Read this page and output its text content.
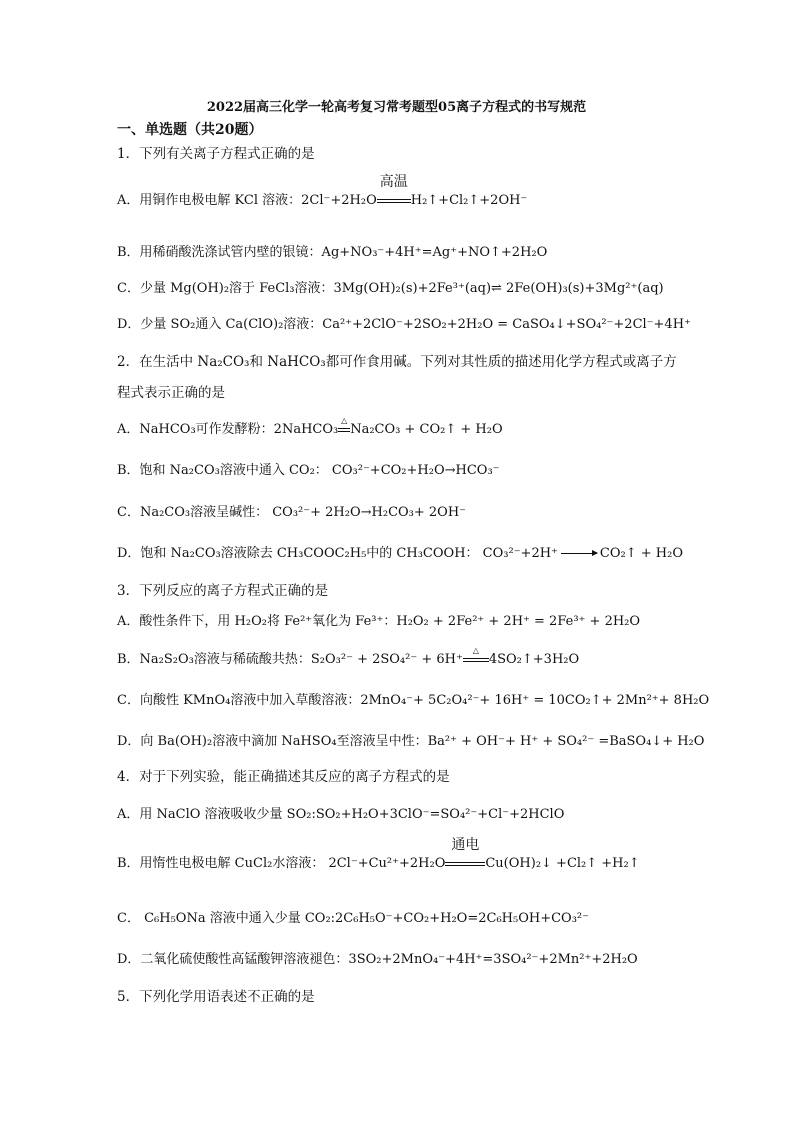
2022届高三化学一轮高考复习常考题型05离子方程式的书写规范
一、单选题（共20题）
1．下列有关离子方程式正确的是
A．用铜作电极电解 KCl 溶液：2Cl⁻+2H₂O
高温
H₂↑+Cl₂↑+2OH⁻
B．用稀硝酸洗涤试管内壁的银镜：Ag+NO₃⁻+4H⁺=Ag⁺+NO↑+2H₂O
C．少量 Mg(OH)₂溶于 FeCl₃溶液：3Mg(OH)₂(s)+2Fe³⁺(aq)⇌ 2Fe(OH)₃(s)+3Mg²⁺(aq)
D．少量 SO₂通入 Ca(ClO)₂溶液：Ca²⁺+2ClO⁻+2SO₂+2H₂O = CaSO₄↓+SO₄²⁻+2Cl⁻+4H⁺
2．在生活中 Na₂CO₃和 NaHCO₃都可作食用碱。下列对其性质的描述用化学方程式或离子方
程式表示正确的是
A．NaHCO₃可作发酵粉：2NaHCO₃
△
Na₂CO₃ + CO₂↑ + H₂O
B．饱和 Na₂CO₃溶液中通入 CO₂： CO₃²⁻+CO₂+H₂O→HCO₃⁻
C．Na₂CO₃溶液呈碱性： CO₃²⁻+ 2H₂O→H₂CO₃+ 2OH⁻
D．饱和 Na₂CO₃溶液除去 CH₃COOC₂H₅中的 CH₃COOH： CO₃²⁻+2H⁺ → CO₂↑ + H₂O
3．下列反应的离子方程式正确的是
A．酸性条件下，用 H₂O₂将 Fe²⁺氧化为 Fe³⁺：H₂O₂ + 2Fe²⁺ + 2H⁺ = 2Fe³⁺ + 2H₂O
B．Na₂S₂O₃溶液与稀硫酸共热：S₂O₃²⁻ + 2SO₄²⁻ + 6H⁺
△
4SO₂↑+3H₂O
C．向酸性 KMnO₄溶液中加入草酸溶液：2MnO₄⁻+ 5C₂O₄²⁻+ 16H⁺ = 10CO₂↑+ 2Mn²⁺+ 8H₂O
D．向 Ba(OH)₂溶液中滴加 NaHSO₄至溶液呈中性：Ba²⁺ + OH⁻+ H⁺ + SO₄²⁻ =BaSO₄↓+ H₂O
4．对于下列实验，能正确描述其反应的离子方程式的是
A．用 NaClO 溶液吸收少量 SO₂:SO₂+H₂O+3ClO⁻=SO₄²⁻+Cl⁻+2HClO
B．用惰性电极电解 CuCl₂水溶液： 2Cl⁻+Cu²⁺+2H₂O
通电
Cu(OH)₂↓ +Cl₂↑ +H₂↑
C． C₆H₅ONa 溶液中通入少量 CO₂:2C₆H₅O⁻+CO₂+H₂O=2C₆H₅OH+CO₃²⁻
D．二氧化硫使酸性高锰酸钾溶液褪色：3SO₂+2MnO₄⁻+4H⁺=3SO₄²⁻+2Mn²⁺+2H₂O
5．下列化学用语表述不正确的是
